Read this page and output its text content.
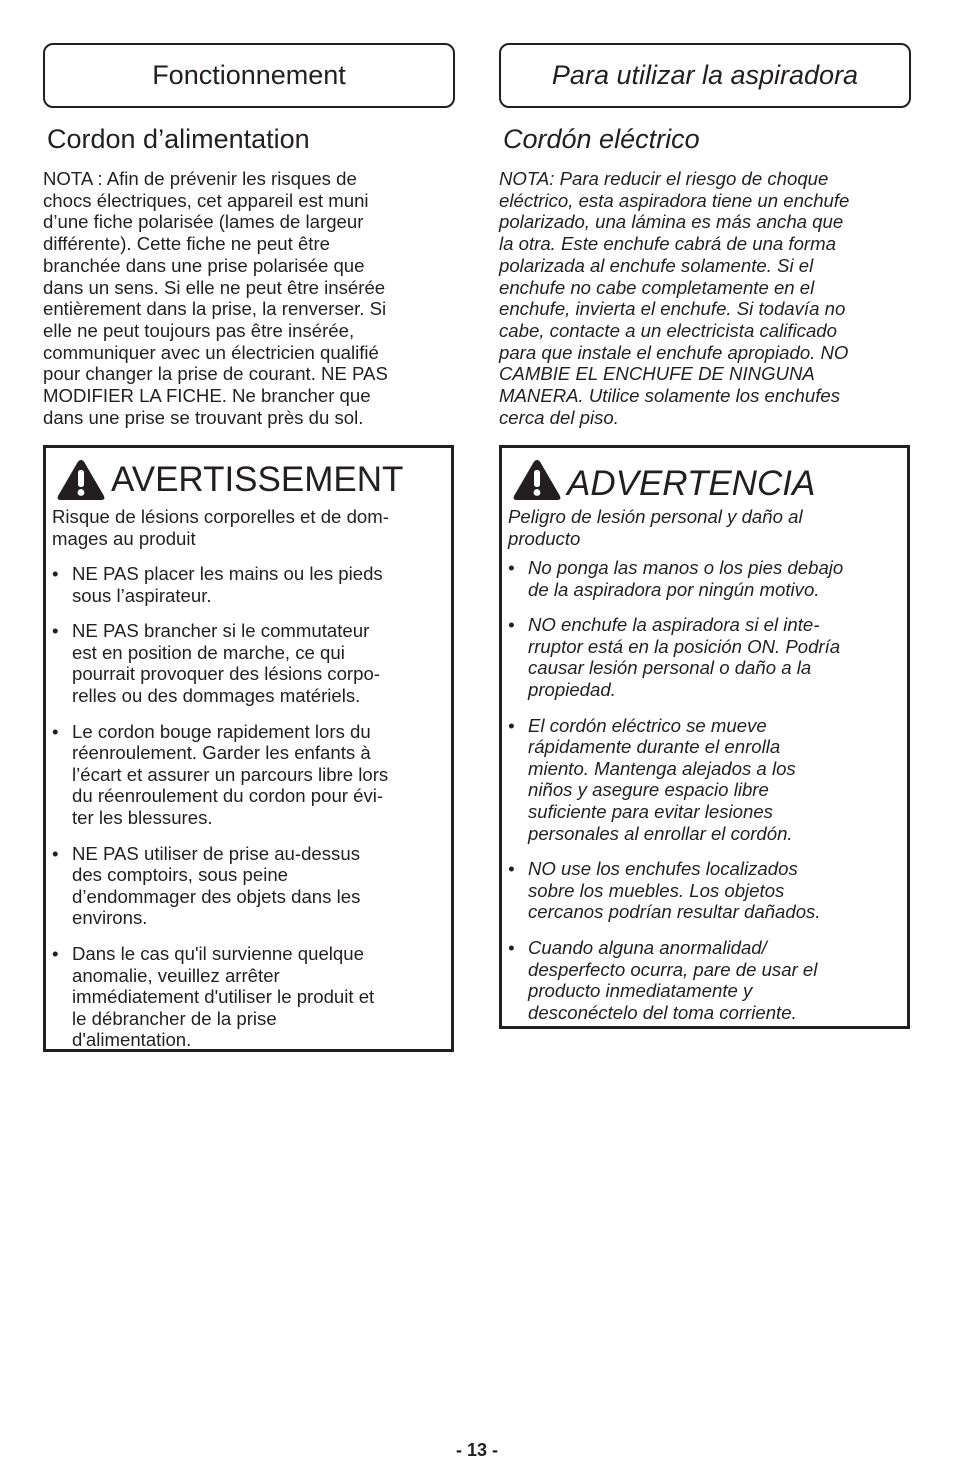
Fonctionnement
Cordon d’alimentation

NOTA : Afin de prévenir les risques de
chocs électriques, cet appareil est muni
d’une fiche polarisée (lames de largeur
différente). Cette fiche ne peut être
branchée dans une prise polarisée que
dans un sens. Si elle ne peut être insérée
entièrement dans la prise, la renverser. Si
elle ne peut toujours pas être insérée,
communiquer avec un électricien qualifié
pour changer la prise de courant. NE PAS
MODIFIER LA FICHE. Ne brancher que
dans une prise se trouvant près du sol.

AVERTISSEMENT

Risque de lésions corporelles et de dom-
mages au produit

• NE PAS placer les mains ou les pieds
sous l’aspirateur.
• NE PAS brancher si le commutateur
est en position de marche, ce qui
pourrait provoquer des lésions corpo-
relles ou des dommages matériels.
• Le cordon bouge rapidement lors du
réenroulement. Garder les enfants à
l’écart et assurer un parcours libre lors
du réenroulement du cordon pour évi-
ter les blessures.
• NE PAS utiliser de prise au-dessus
des comptoirs, sous peine
d’endommager des objets dans les
environs.
• Dans le cas qu'il survienne quelque
anomalie, veuillez arrêter
immédiatement d'utiliser le produit et
le débrancher de la prise
d'alimentation.
Para utilizar la aspiradora
Cordón eléctrico

NOTA: Para reducir el riesgo de choque
eléctrico, esta aspiradora tiene un enchufe
polarizado, una lámina es más ancha que
la otra. Este enchufe cabrá de una forma
polarizada al enchufe solamente. Si el
enchufe no cabe completamente en el
enchufe, invierta el enchufe. Si todavía no
cabe, contacte a un electricista calificado
para que instale el enchufe apropiado. NO
CAMBIE EL ENCHUFE DE NINGUNA
MANERA. Utilice solamente los enchufes
cerca del piso.

ADVERTENCIA

Peligro de lesión personal y daño al
producto

• No ponga las manos o los pies debajo
de la aspiradora por ningún motivo.
• NO enchufe la aspiradora si el inte-
rruptor está en la posición ON. Podría
causar lesión personal o daño a la
propiedad.
• El cordón eléctrico se mueve
rápidamente durante el enrolla
miento. Mantenga alejados a los
niños y asegure espacio libre
suficiente para evitar lesiones
personales al enrollar el cordón.
• NO use los enchufes localizados
sobre los muebles. Los objetos
cercanos podrían resultar dañados.
• Cuando alguna anormalidad/
desperfecto ocurra, pare de usar el
producto inmediatamente y
desconéctelo del toma corriente.
- 13 -
